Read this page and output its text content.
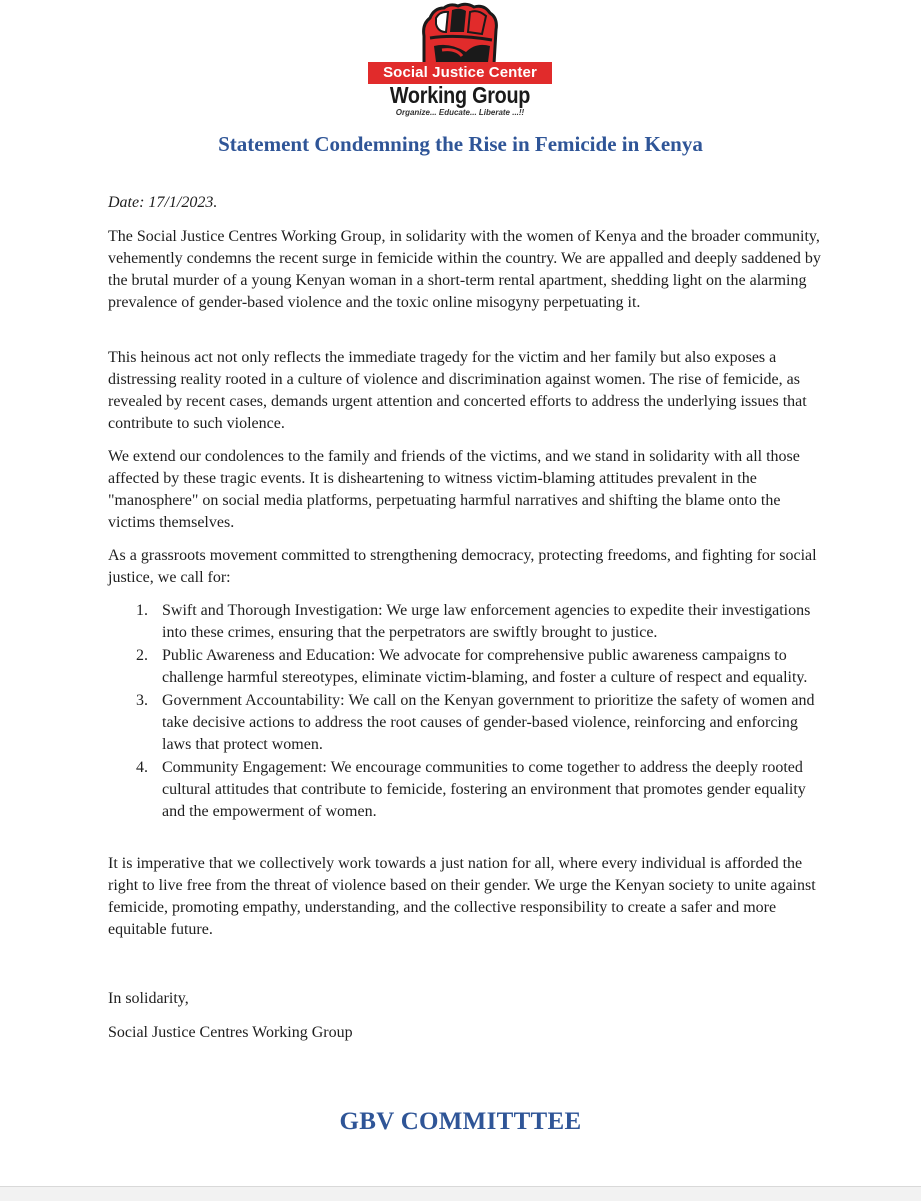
Social Justice Center
Working Group
Organize... Educate... Liberate ...!!
Statement Condemning the Rise in Femicide in Kenya
Date: 17/1/2023.

The Social Justice Centres Working Group, in solidarity with the women of Kenya and the broader community, vehemently condemns the recent surge in femicide within the country. We are appalled and deeply saddened by the brutal murder of a young Kenyan woman in a short-term rental apartment, shedding light on the alarming prevalence of gender-based violence and the toxic online misogyny perpetuating it.

This heinous act not only reflects the immediate tragedy for the victim and her family but also exposes a distressing reality rooted in a culture of violence and discrimination against women. The rise of femicide, as revealed by recent cases, demands urgent attention and concerted efforts to address the underlying issues that contribute to such violence.

We extend our condolences to the family and friends of the victims, and we stand in solidarity with all those affected by these tragic events. It is disheartening to witness victim-blaming attitudes prevalent in the "manosphere" on social media platforms, perpetuating harmful narratives and shifting the blame onto the victims themselves.

As a grassroots movement committed to strengthening democracy, protecting freedoms, and fighting for social justice, we call for:

1. Swift and Thorough Investigation: We urge law enforcement agencies to expedite their investigations into these crimes, ensuring that the perpetrators are swiftly brought to justice.
2. Public Awareness and Education: We advocate for comprehensive public awareness campaigns to challenge harmful stereotypes, eliminate victim-blaming, and foster a culture of respect and equality.
3. Government Accountability: We call on the Kenyan government to prioritize the safety of women and take decisive actions to address the root causes of gender-based violence, reinforcing and enforcing laws that protect women.
4. Community Engagement: We encourage communities to come together to address the deeply rooted cultural attitudes that contribute to femicide, fostering an environment that promotes gender equality and the empowerment of women.

It is imperative that we collectively work towards a just nation for all, where every individual is afforded the right to live free from the threat of violence based on their gender. We urge the Kenyan society to unite against femicide, promoting empathy, understanding, and the collective responsibility to create a safer and more equitable future.

In solidarity,
Social Justice Centres Working Group
GBV COMMITTTEE
